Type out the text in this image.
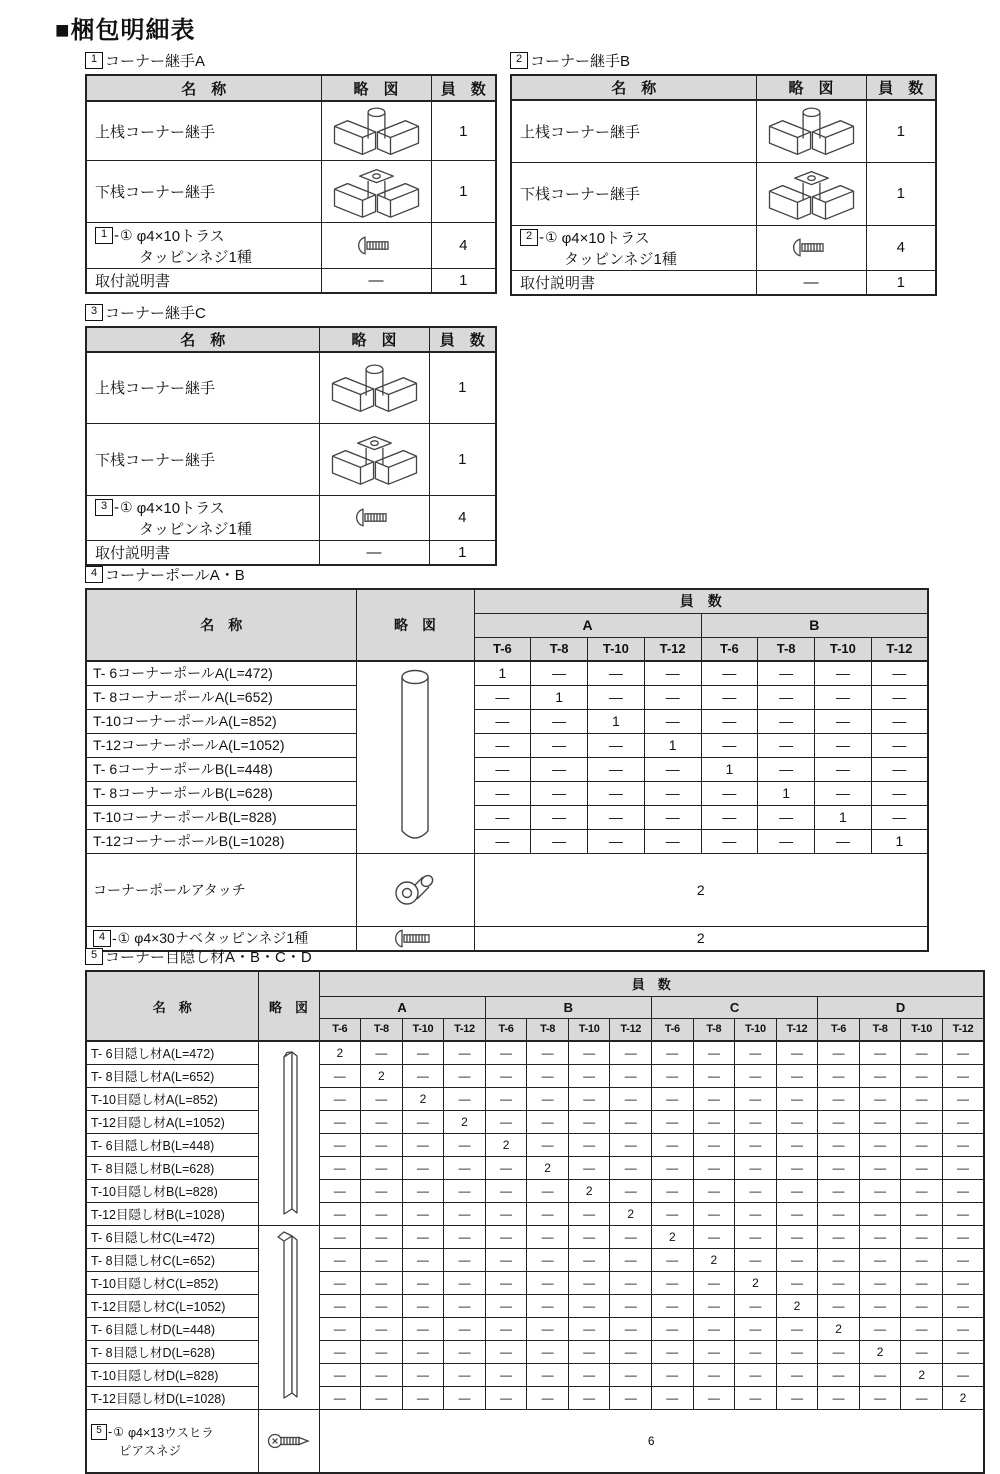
■梱包明細表
1 コーナー継手A
名　称	略　図	員　数
上桟コーナー継手		1
下桟コーナー継手		1

1 - ① φ4×10トラス
タッピンネジ1種		4
取付説明書	—	1
2 コーナー継手B
名　称	略　図	員　数
上桟コーナー継手		1
下桟コーナー継手		1

2 - ① φ4×10トラス
タッピンネジ1種		4
取付説明書	—	1
3 コーナー継手C
名　称	略　図	員　数
上桟コーナー継手		1
下桟コーナー継手		1

3 - ① φ4×10トラス
タッピンネジ1種		4
取付説明書	—	1
4 コーナーポールA・B
名　称	略　図	員　数							
		A				B			
		T-6	T-8	T-10	T-12	T-6	T-8	T-10	T-12
T- 6コーナーポールA(L=472)		1	—	—	—	—	—	—	—
T- 8コーナーポールA(L=652)		—	1	—	—	—	—	—	—
T-10コーナーポールA(L=852)		—	—	1	—	—	—	—	—
T-12コーナーポールA(L=1052)		—	—	—	1	—	—	—	—
T- 6コーナーポールB(L=448)		—	—	—	—	1	—	—	—
T- 8コーナーポールB(L=628)		—	—	—	—	—	1	—	—
T-10コーナーポールB(L=828)		—	—	—	—	—	—	1	—
T-12コーナーポールB(L=1028)		—	—	—	—	—	—	—	1
コーナーポールアタッチ		2							

4 - ① φ4×30ナベタッピンネジ1種		2							
5 コーナー目隠し材A・B・C・D
名　称	略　図	員　数															
		A				B				C				D			
		T-6	T-8	T-10	T-12	T-6	T-8	T-10	T-12	T-6	T-8	T-10	T-12	T-6	T-8	T-10	T-12
T- 6目隠し材A(L=472)		2	—	—	—	—	—	—	—	—	—	—	—	—	—	—	—
T- 8目隠し材A(L=652)		—	2	—	—	—	—	—	—	—	—	—	—	—	—	—	—
T-10目隠し材A(L=852)		—	—	2	—	—	—	—	—	—	—	—	—	—	—	—	—
T-12目隠し材A(L=1052)		—	—	—	2	—	—	—	—	—	—	—	—	—	—	—	—
T- 6目隠し材B(L=448)		—	—	—	—	2	—	—	—	—	—	—	—	—	—	—	—
T- 8目隠し材B(L=628)		—	—	—	—	—	2	—	—	—	—	—	—	—	—	—	—
T-10目隠し材B(L=828)		—	—	—	—	—	—	2	—	—	—	—	—	—	—	—	—
T-12目隠し材B(L=1028)		—	—	—	—	—	—	—	2	—	—	—	—	—	—	—	—
T- 6目隠し材C(L=472)		—	—	—	—	—	—	—	—	2	—	—	—	—	—	—	—
T- 8目隠し材C(L=652)		—	—	—	—	—	—	—	—	—	2	—	—	—	—	—	—
T-10目隠し材C(L=852)		—	—	—	—	—	—	—	—	—	—	2	—	—	—	—	—
T-12目隠し材C(L=1052)		—	—	—	—	—	—	—	—	—	—	—	2	—	—	—	—
T- 6目隠し材D(L=448)		—	—	—	—	—	—	—	—	—	—	—	—	2	—	—	—
T- 8目隠し材D(L=628)		—	—	—	—	—	—	—	—	—	—	—	—	—	2	—	—
T-10目隠し材D(L=828)		—	—	—	—	—	—	—	—	—	—	—	—	—	—	2	—
T-12目隠し材D(L=1028)		—	—	—	—	—	—	—	—	—	—	—	—	—	—	—	2

5 - ① φ4×13ウスヒラ
ピアスネジ		6															
